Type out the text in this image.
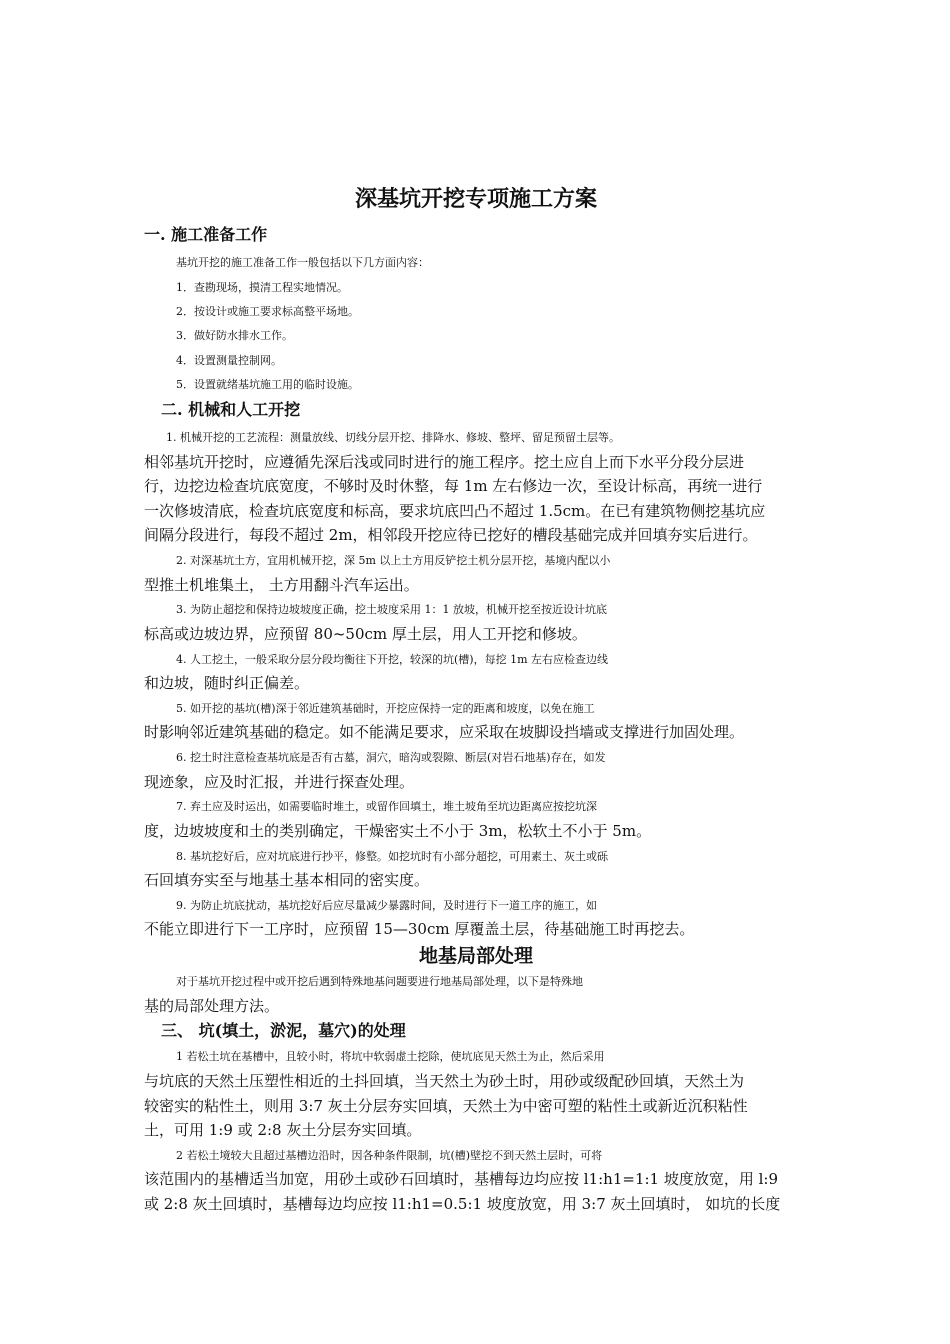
深基坑开挖专项施工方案
一. 施工准备工作
基坑开挖的施工准备工作一般包括以下几方面内容：
1．查勘现场，摸清工程实地情况。
2．按设计或施工要求标高整平场地。
3．做好防水排水工作。
4．设置测量控制网。
5．设置就绪基坑施工用的临时设施。
二. 机械和人工开挖
1. 机械开挖的工艺流程：测量放线、切线分层开挖、排降水、修坡、整坪、留足预留土层等。
相邻基坑开挖时，应遵循先深后浅或同时进行的施工程序。挖土应自上而下水平分段分层进
行，边挖边检查坑底宽度，不够时及时休整，每 1m 左右修边一次，至设计标高，再统一进行
一次修坡清底，检查坑底宽度和标高，要求坑底凹凸不超过 1.5cm。在已有建筑物侧挖基坑应
间隔分段进行，每段不超过 2m，相邻段开挖应待已挖好的槽段基础完成并回填夯实后进行。
2. 对深基坑土方，宜用机械开挖，深 5m 以上土方用反铲挖土机分层开挖，基境内配以小
型推土机堆集土， 土方用翻斗汽车运出。
3. 为防止超挖和保持边坡坡度正确，挖土坡度采用 1：1 放坡，机械开挖至按近设计坑底
标高或边坡边界，应预留 80~50cm 厚土层，用人工开挖和修坡。
4. 人工挖土，一般采取分层分段均衡往下开挖，较深的坑(槽)，每挖 1m 左右应检查边线
和边坡，随时纠正偏差。
5. 如开挖的基坑(槽)深于邻近建筑基础时，开挖应保持一定的距离和坡度，以免在施工
时影响邻近建筑基础的稳定。如不能满足要求，应采取在坡脚设挡墙或支撑进行加固处理。
6. 挖土时注意检查基坑底是否有古墓，洞穴，暗沟或裂隙、断层(对岩石地基)存在，如发
现迹象，应及时汇报，并进行探查处理。
7. 弃土应及时运出，如需要临时堆土，或留作回填土，堆土坡角至坑边距离应按挖坑深
度，边坡坡度和土的类别确定，干燥密实土不小于 3m，松软土不小于 5m。
8. 基坑挖好后，应对坑底进行抄平，修整。如挖坑时有小部分超挖，可用素土、灰土或砾
石回填夯实至与地基土基本相同的密实度。
9. 为防止坑底扰动，基坑挖好后应尽量减少暴露时间，及时进行下一道工序的施工，如
不能立即进行下一工序时，应预留 15—30cm 厚覆盖土层，待基础施工时再挖去。
地基局部处理
对于基坑开挖过程中或开挖后遇到特殊地基问题要进行地基局部处理，以下是特殊地
基的局部处理方法。
三、 坑(填土，淤泥，墓穴)的处理
1 若松土坑在基槽中，且较小时，将坑中软弱虚土挖除，使坑底见天然土为止，然后采用
与坑底的天然土压塑性相近的土抖回填，当天然土为砂土时，用砂或级配砂回填，天然土为
较密实的粘性土，则用 3:7 灰土分层夯实回填，天然土为中密可塑的粘性土或新近沉积粘性
土，可用 1:9 或 2:8 灰土分层夯实回填。
2 若松土境较大且超过基槽边沿时，因各种条件限制，坑(槽)壁挖不到天然土层时，可将
该范围内的基槽适当加宽，用砂土或砂石回填时，基槽每边均应按 l1:h1=1:1 坡度放宽，用 l:9
或 2:8 灰土回填时，基槽每边均应按 l1:h1=0.5:1 坡度放宽，用 3:7 灰土回填时， 如坑的长度
